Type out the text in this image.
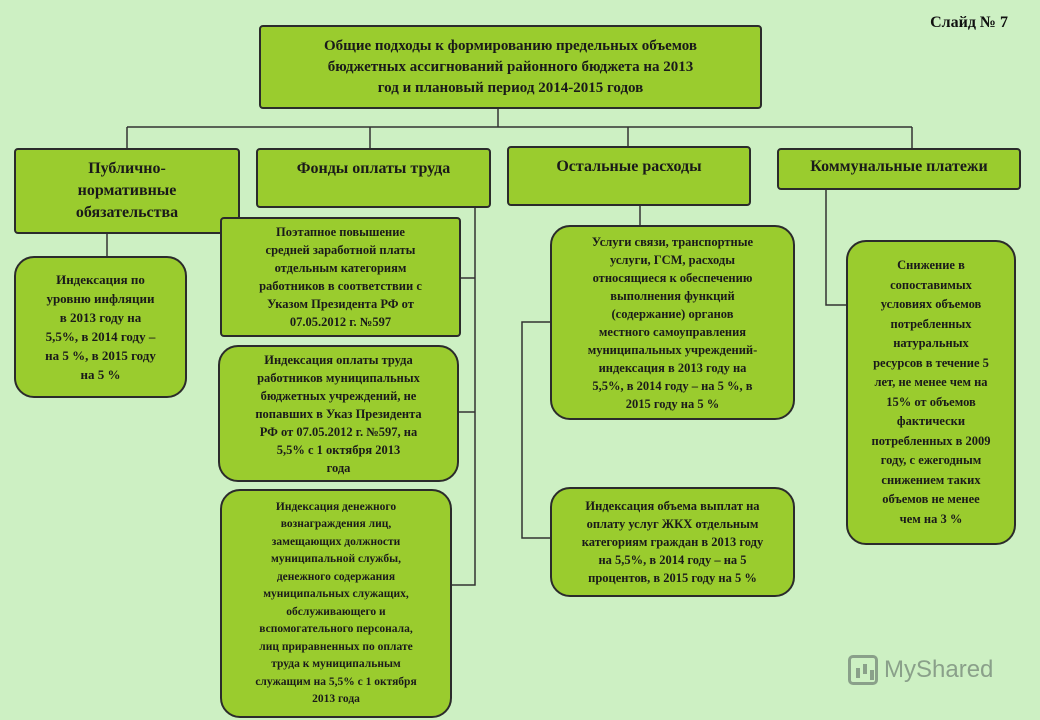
Слайд № 7
Общие подходы к формированию предельных объемов
бюджетных ассигнований районного бюджета на 2013
год и плановый период 2014-2015 годов
Публично-
нормативные
обязательства
Фонды оплаты труда	Остальные расходы	Коммунальные платежи
Индексация по
уровню инфляции
в 2013 году на
5,5%, в 2014 году –
на 5 %, в 2015 году
на 5 %
Поэтапное повышение
средней заработной платы
отдельным категориям
работников в соответствии с
Указом Президента РФ от
07.05.2012 г. №597
Индексация оплаты труда
работников муниципальных
бюджетных учреждений, не
попавших в Указ Президента
РФ от 07.05.2012 г. №597, на
5,5% с 1 октября 2013
года
Индексация денежного
вознаграждения лиц,
замещающих должности
муниципальной службы,
денежного содержания
муниципальных служащих,
обслуживающего и
вспомогательного персонала,
лиц приравненных по оплате
труда к муниципальным
служащим на 5,5% с 1 октября
2013 года
Услуги связи, транспортные
услуги, ГСМ, расходы
относящиеся к обеспечению
выполнения функций
(содержание) органов
местного самоуправления
муниципальных учреждений-
индексация в 2013 году на
5,5%, в 2014 году – на 5 %, в
2015 году на 5 %
Индексация объема выплат на
оплату услуг ЖКХ отдельным
категориям граждан в 2013 году
на 5,5%, в 2014 году – на 5
процентов, в 2015 году на 5 %
Снижение в
сопоставимых
условиях объемов
потребленных
натуральных
ресурсов в течение 5
лет, не менее чем на
15% от объемов
фактически
потребленных в 2009
году, с ежегодным
снижением таких
объемов не менее
чем на 3 %
MyShared
